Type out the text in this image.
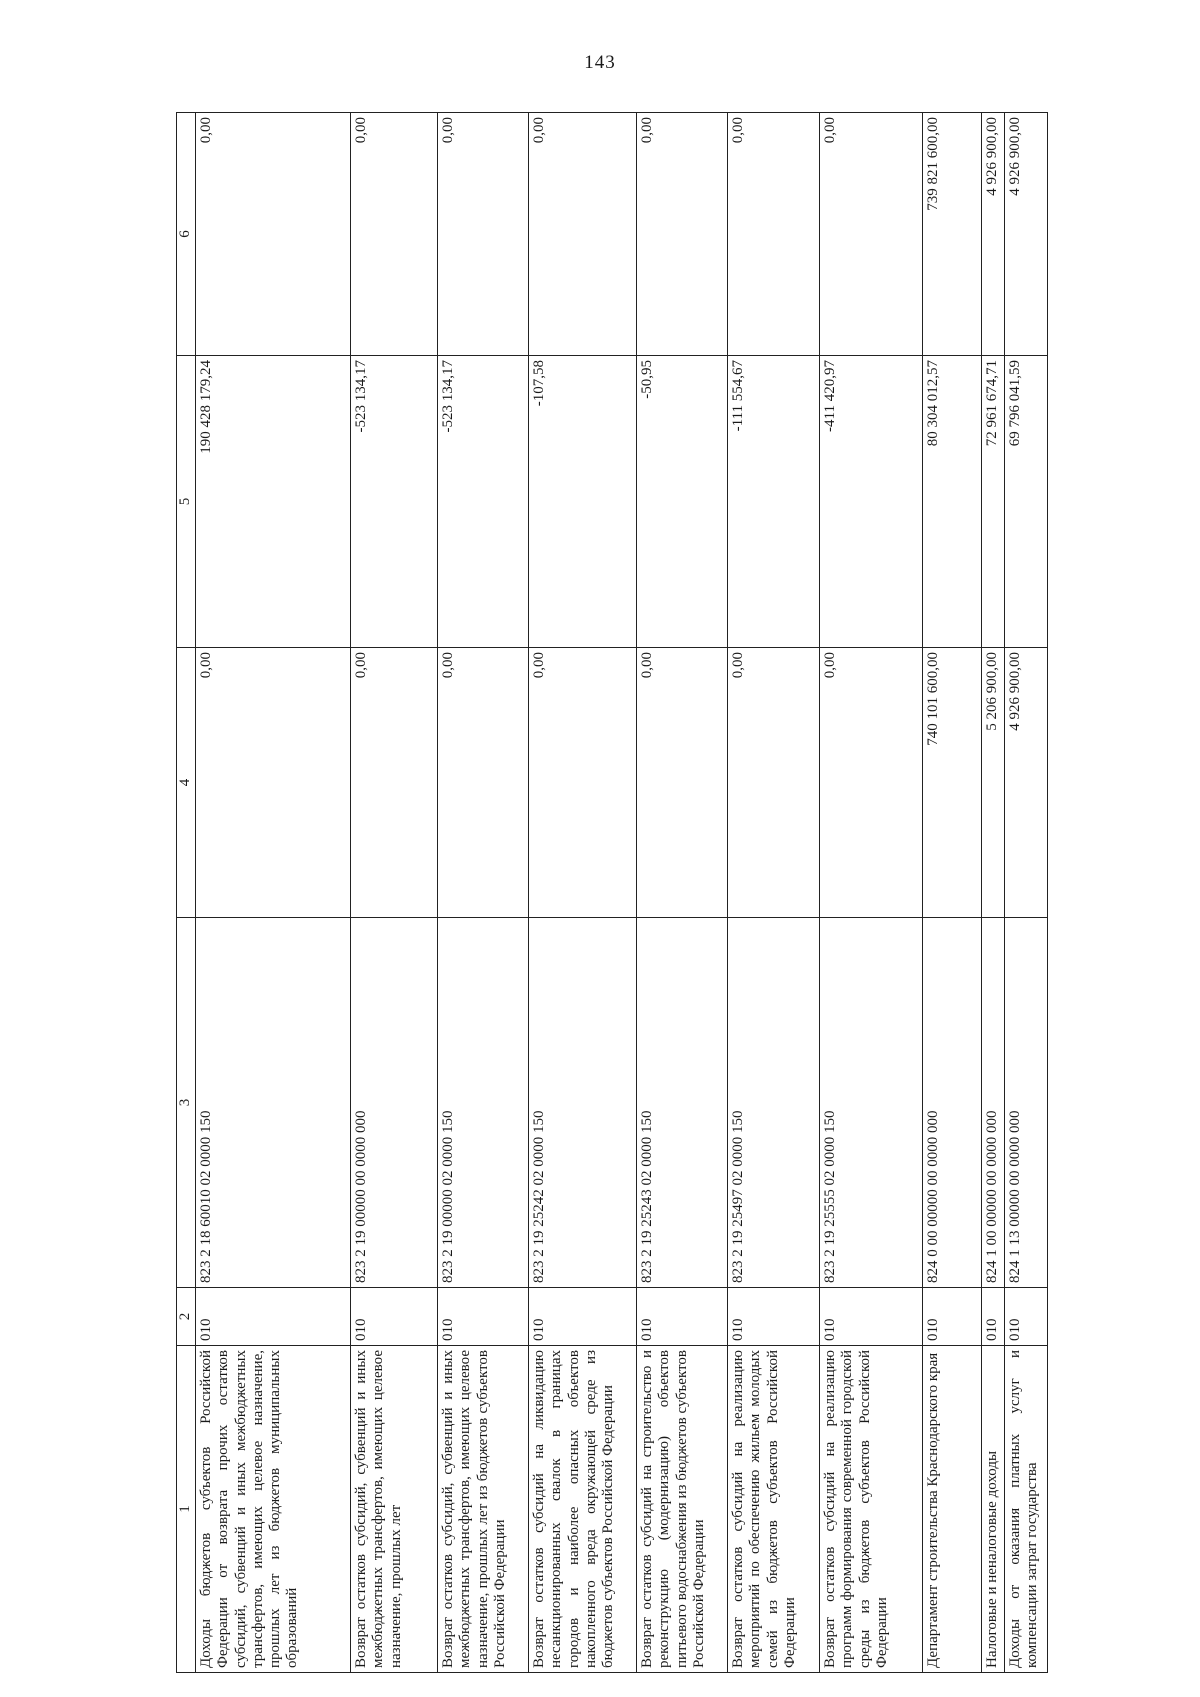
143
1	2	3	4	5	6
Доходы бюджетов субъектов Российской Федерации от возврата прочих остатков субсидий, субвенций и иных межбюджетных трансфертов, имеющих целевое назначение, прошлых лет из бюджетов муниципальных образований	010	823 2 18 60010 02 0000 150	0,00	190 428 179,24	0,00
Возврат остатков субсидий, субвенций и иных межбюджетных трансфертов, имеющих целевое назначение, прошлых лет	010	823 2 19 00000 00 0000 000	0,00	-523 134,17	0,00
Возврат остатков субсидий, субвенций и иных межбюджетных трансфертов, имеющих целевое назначение, прошлых лет из бюджетов субъектов Российской Федерации	010	823 2 19 00000 02 0000 150	0,00	-523 134,17	0,00
Возврат остатков субсидий на ликвидацию несанкционированных свалок в границах городов и наиболее опасных объектов накопленного вреда окружающей среде из бюджетов субъектов Российской Федерации	010	823 2 19 25242 02 0000 150	0,00	-107,58	0,00
Возврат остатков субсидий на строительство и реконструкцию (модернизацию) объектов питьевого водоснабжения из бюджетов субъектов Российской Федерации	010	823 2 19 25243 02 0000 150	0,00	-50,95	0,00
Возврат остатков субсидий на реализацию мероприятий по обеспечению жильем молодых семей из бюджетов субъектов Российской Федерации	010	823 2 19 25497 02 0000 150	0,00	-111 554,67	0,00
Возврат остатков субсидий на реализацию программ формирования современной городской среды из бюджетов субъектов Российской Федерации	010	823 2 19 25555 02 0000 150	0,00	-411 420,97	0,00
Департамент строительства Краснодарского края	010	824 0 00 00000 00 0000 000	740 101 600,00	80 304 012,57	739 821 600,00
Налоговые и неналоговые доходы	010	824 1 00 00000 00 0000 000	5 206 900,00	72 961 674,71	4 926 900,00
Доходы от оказания платных услуг и компенсации затрат государства	010	824 1 13 00000 00 0000 000	4 926 900,00	69 796 041,59	4 926 900,00
